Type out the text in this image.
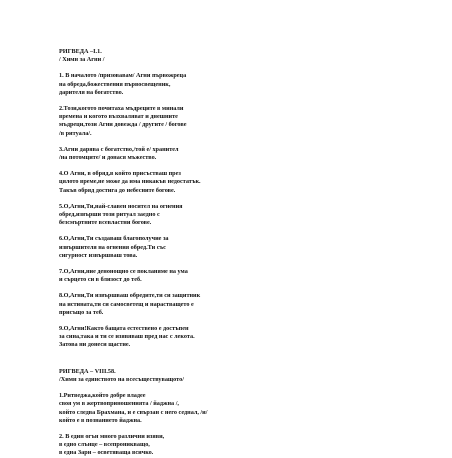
РИГВЕДА –I.1.
/ Химн за Агни /
1. В началото /призовавам/ Агни първожреца
на обреда,божествения първосвещеник,
дарителя на богатство.
2.Този,когото почитаха мъдреците в минали
времена и когото възхваляват и днешните
мъдреци,този Агни довежда / другите / богове
/в ритуала/.
3.Агни дарява с богатство,/той е/ хранител
/на потомците/ и донася мъжество.
4.О Агни, в обряд,в който присъстваш през
цялото време,не може да има никакъв недостатък.
Такъв обряд достига до небесните богове.
5.О,Агни,Ти,най-славен носител на огнения
обред,извърши този ритуал заедно с
безсмъртните всевластни богове.
6.О,Агни,Ти създаваш благополучие за
извършителя на огнения обред.Ти със
сигурност извършваш това.
7.О,Агни,ние денонощно се покланяме на ума
и сърцето си в близост до теб.
8.О,Агни,Ти извършваш обредите,ти си защитник
на истината,ти си самосветещ и нарастващето е
присъщо за теб.
9.О,Агни!Както бащата естествено е достъпен
за сина,така и ти се изявяваш пред нас с лекота.
Затова ни донеси щастие.
РИГВЕДА – VIII.58.
/Химн за единството на всесъществуващото/
1.Ритведжа,който добре владее
своя ум в жертвоприношенията / йаджна /,
който следва Брахмана, и е свързан с него седнал, /и/
който е в познанието йаджна.
2. В един огън много различни изяви,
в едно слънце – всепроникващо,
в една Зари – осветяваща всичко.
